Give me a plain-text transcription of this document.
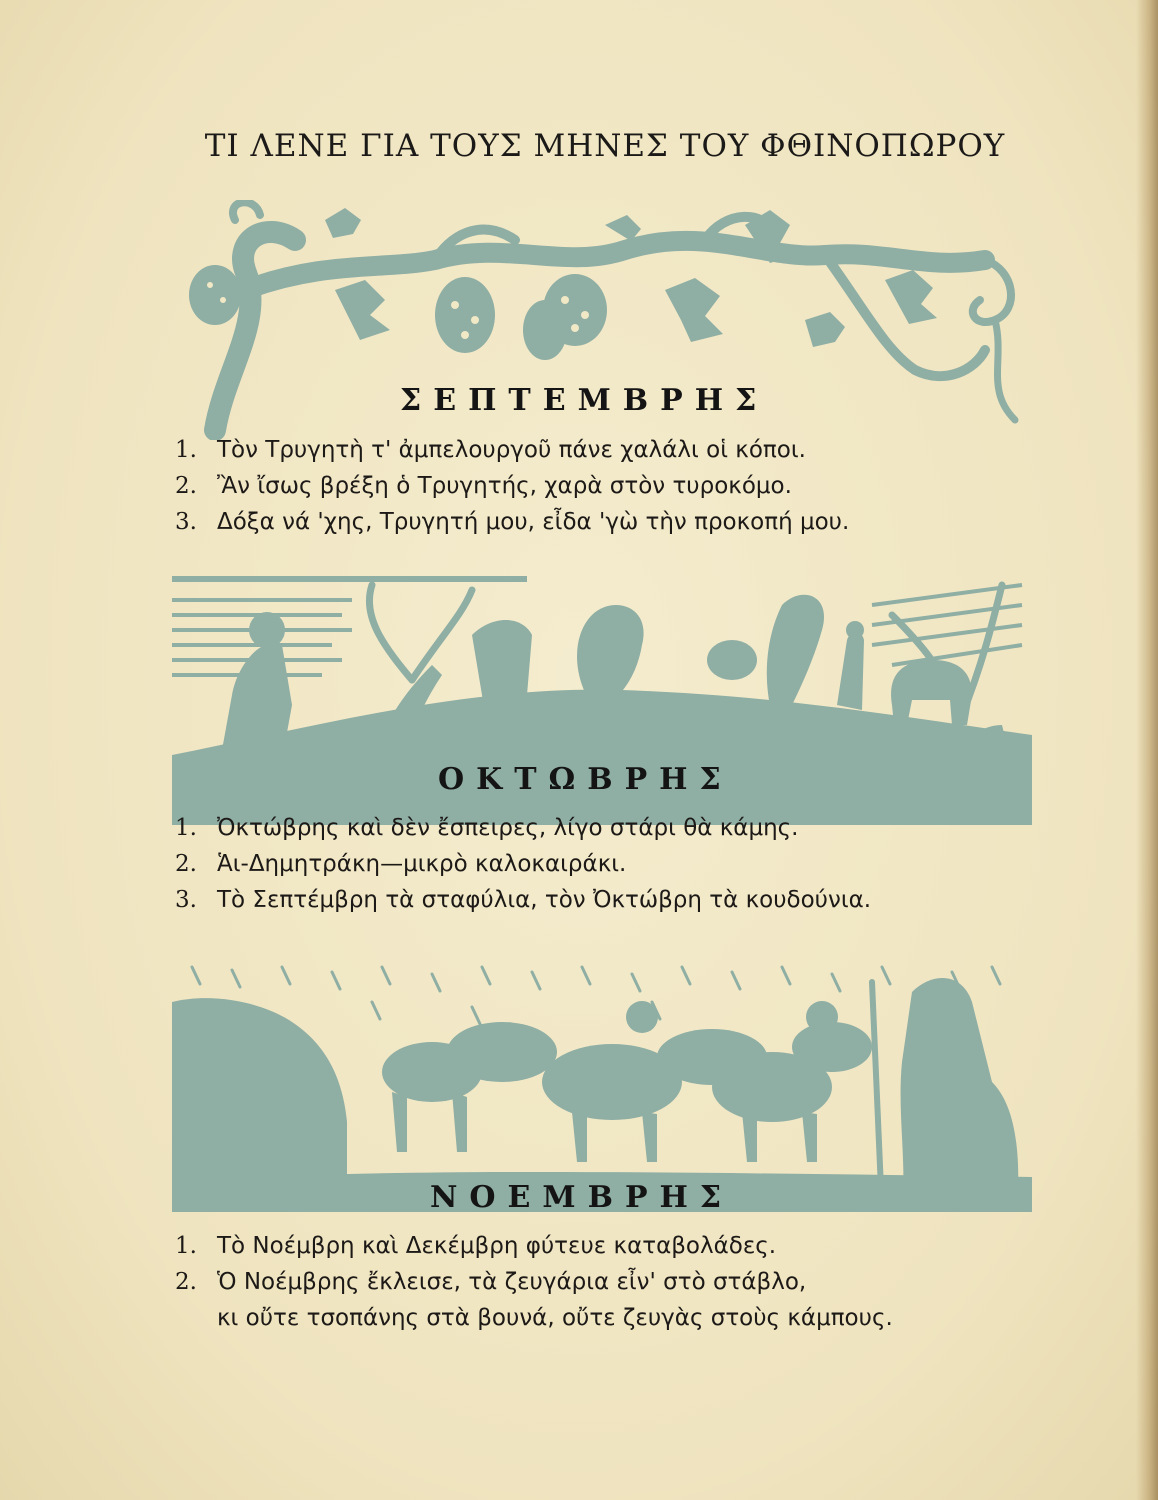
ΤΙ ΛΕΝΕ ΓΙΑ ΤΟΥΣ ΜΗΝΕΣ ΤΟΥ ΦΘΙΝΟΠΩΡΟΥ
ΣΕΠΤΕΜΒΡΗΣ
1. Τὸν Τρυγητὴ τ' ἀμπελουργοῦ πάνε χαλάλι οἱ κόποι.
2. Ἂν ἴσως βρέξη ὁ Τρυγητής, χαρὰ στὸν τυροκόμο.
3. Δόξα νά 'χης, Τρυγητή μου, εἶδα 'γὼ τὴν προκοπή μου.
ΟΚΤΩΒΡΗΣ
1. Ὀκτώβρης καὶ δὲν ἔσπειρες, λίγο στάρι θὰ κάμης.
2. Ἁι-Δημητράκη—μικρὸ καλοκαιράκι.
3. Τὸ Σεπτέμβρη τὰ σταφύλια, τὸν Ὀκτώβρη τὰ κουδούνια.
ΝΟΕΜΒΡΗΣ
1. Τὸ Νοέμβρη καὶ Δεκέμβρη φύτευε καταβολάδες.
2. Ὁ Νοέμβρης ἔκλεισε, τὰ ζευγάρια εἶν' στὸ στάβλο,
κι οὔτε τσοπάνης στὰ βουνά, οὔτε ζευγὰς στοὺς κάμπους.
